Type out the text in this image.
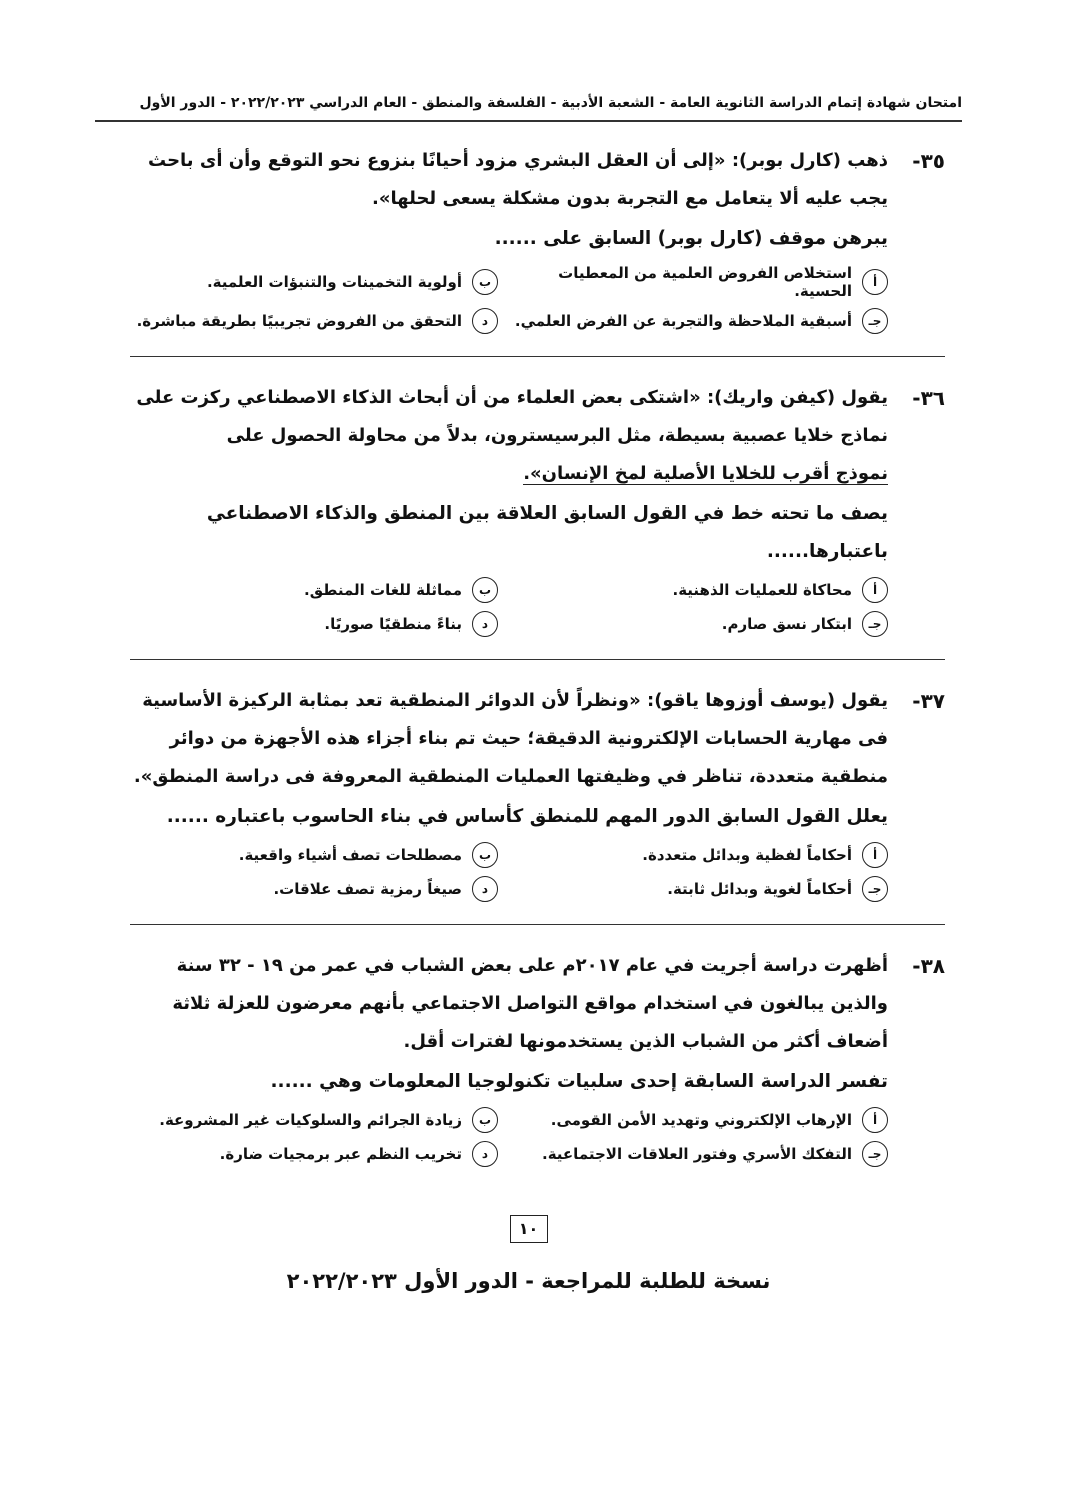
امتحان شهادة إتمام الدراسة الثانوية العامة - الشعبة الأدبية - الفلسفة والمنطق - العام الدراسي ٢٠٢٢/٢٠٢٣ - الدور الأول
٣٥-
ذهب (كارل بوبر): «إلى أن العقل البشري مزود أحيانًا بنزوع نحو التوقع وأن أى باحث يجب عليه ألا يتعامل مع التجربة بدون مشكلة يسعى لحلها».
يبرهن موقف (كارل بوبر) السابق على ......
أ
استخلاص الفروض العلمية من المعطيات الحسية.
ب
أولوية التخمينات والتنبؤات العلمية.
جـ
أسبقية الملاحظة والتجربة عن الفرض العلمي.
د
التحقق من الفروض تجريبيًا بطريقة مباشرة.
٣٦-
يقول (كيفن واريك): «اشتكى بعض العلماء من أن أبحاث الذكاء الاصطناعي ركزت على نماذج خلايا عصبية بسيطة، مثل البرسيسترون، بدلاً من محاولة الحصول على
نموذج أقرب للخلايا الأصلية لمخ الإنسان».
يصف ما تحته خط في القول السابق العلاقة بين المنطق والذكاء الاصطناعي باعتبارها......
أ
محاكاة للعمليات الذهنية.
ب
مماثلة للغات المنطق.
جـ
ابتكار نسق صارم.
د
بناءً منطقيًا صوريًا.
٣٧-
يقول (يوسف أوزوها ياقو): «ونظراً لأن الدوائر المنطقية تعد بمثابة الركيزة الأساسية فى مهارية الحسابات الإلكترونية الدقيقة؛ حيث تم بناء أجزاء هذه الأجهزة من دوائر منطقية متعددة، تناظر في وظيفتها العمليات المنطقية المعروفة فى دراسة المنطق».
يعلل القول السابق الدور المهم للمنطق كأساس في بناء الحاسوب باعتباره ......
أ
أحكاماً لفظية وبدائل متعددة.
ب
مصطلحات تصف أشياء واقعية.
جـ
أحكاماً لغوية وبدائل ثابتة.
د
صيغاً رمزية تصف علاقات.
٣٨-
أظهرت دراسة أجريت في عام ٢٠١٧م على بعض الشباب في عمر من ١٩ - ٣٢ سنة والذين يبالغون في استخدام مواقع التواصل الاجتماعي بأنهم معرضون للعزلة ثلاثة أضعاف أكثر من الشباب الذين يستخدمونها لفترات أقل.
تفسر الدراسة السابقة إحدى سلبيات تكنولوجيا المعلومات وهي ......
أ
الإرهاب الإلكتروني وتهديد الأمن القومى.
ب
زيادة الجرائم والسلوكيات غير المشروعة.
جـ
التفكك الأسري وفتور العلاقات الاجتماعية.
د
تخريب النظم عبر برمجيات ضارة.
١٠
نسخة للطلبة للمراجعة - الدور الأول ٢٠٢٢/٢٠٢٣
